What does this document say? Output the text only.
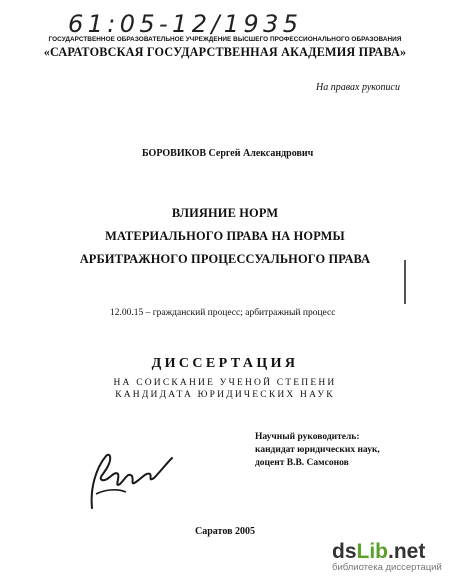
61:05-12/1935
ГОСУДАРСТВЕННОЕ ОБРАЗОВАТЕЛЬНОЕ УЧРЕЖДЕНИЕ ВЫСШЕГО ПРОФЕССИОНАЛЬНОГО ОБРАЗОВАНИЯ
«САРАТОВСКАЯ ГОСУДАРСТВЕННАЯ АКАДЕМИЯ ПРАВА»
На правах рукописи
БОРОВИКОВ Сергей Александрович
ВЛИЯНИЕ НОРМ
МАТЕРИАЛЬНОГО ПРАВА НА НОРМЫ
АРБИТРАЖНОГО ПРОЦЕССУАЛЬНОГО ПРАВА
12.00.15 – гражданский процесс; арбитражный процесс
ДИССЕРТАЦИЯ
НА СОИСКАНИЕ УЧЕНОЙ СТЕПЕНИ
КАНДИДАТА ЮРИДИЧЕСКИХ НАУК
Научный руководитель:
кандидат юридических наук,
доцент В.В. Самсонов
Саратов 2005
dsLib.net
библиотека диссертаций
